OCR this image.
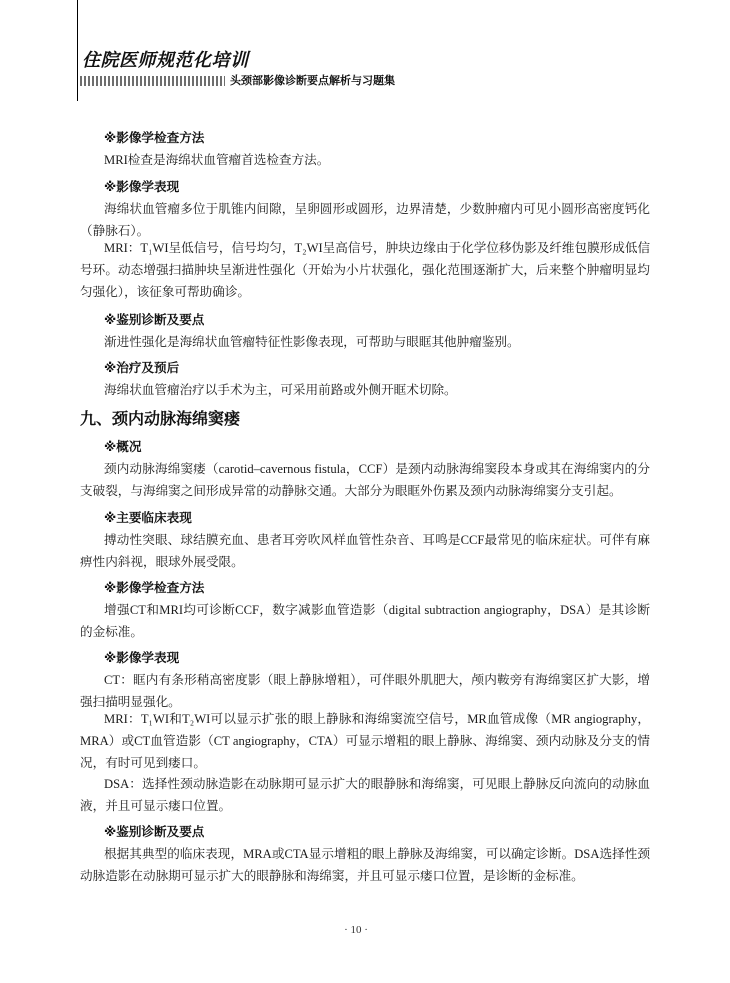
住院医师规范化培训
头颈部影像诊断要点解析与习题集
※影像学检查方法
MRI检查是海绵状血管瘤首选检查方法。
※影像学表现
海绵状血管瘤多位于肌锥内间隙，呈卵圆形或圆形，边界清楚，少数肿瘤内可见小圆形高密度钙化
（静脉石）。
MRI：T₁WI呈低信号，信号均匀，T₂WI呈高信号，肿块边缘由于化学位移伪影及纤维包膜形成低信
号环。动态增强扫描肿块呈渐进性强化（开始为小片状强化，强化范围逐渐扩大，后来整个肿瘤明显均
匀强化），该征象可帮助确诊。
※鉴别诊断及要点
渐进性强化是海绵状血管瘤特征性影像表现，可帮助与眼眶其他肿瘤鉴别。
※治疗及预后
海绵状血管瘤治疗以手术为主，可采用前路或外侧开眶术切除。
九、颈内动脉海绵窦瘘
※概况
颈内动脉海绵窦瘘（carotid–cavernous fistula，CCF）是颈内动脉海绵窦段本身或其在海绵窦内的分
支破裂，与海绵窦之间形成异常的动静脉交通。大部分为眼眶外伤累及颈内动脉海绵窦分支引起。
※主要临床表现
搏动性突眼、球结膜充血、患者耳旁吹风样血管性杂音、耳鸣是CCF最常见的临床症状。可伴有麻
痹性内斜视，眼球外展受限。
※影像学检查方法
增强CT和MRI均可诊断CCF，数字减影血管造影（digital subtraction angiography，DSA）是其诊断
的金标准。
※影像学表现
CT：眶内有条形稍高密度影（眼上静脉增粗），可伴眼外肌肥大，颅内鞍旁有海绵窦区扩大影，增
强扫描明显强化。
MRI：T₁WI和T₂WI可以显示扩张的眼上静脉和海绵窦流空信号，MR血管成像（MR angiography，
MRA）或CT血管造影（CT angiography，CTA）可显示增粗的眼上静脉、海绵窦、颈内动脉及分支的情
况，有时可见到瘘口。
DSA：选择性颈动脉造影在动脉期可显示扩大的眼静脉和海绵窦，可见眼上静脉反向流向的动脉血
液，并且可显示瘘口位置。
※鉴别诊断及要点
根据其典型的临床表现，MRA或CTA显示增粗的眼上静脉及海绵窦，可以确定诊断。DSA选择性颈
动脉造影在动脉期可显示扩大的眼静脉和海绵窦，并且可显示瘘口位置，是诊断的金标准。
· 10 ·
